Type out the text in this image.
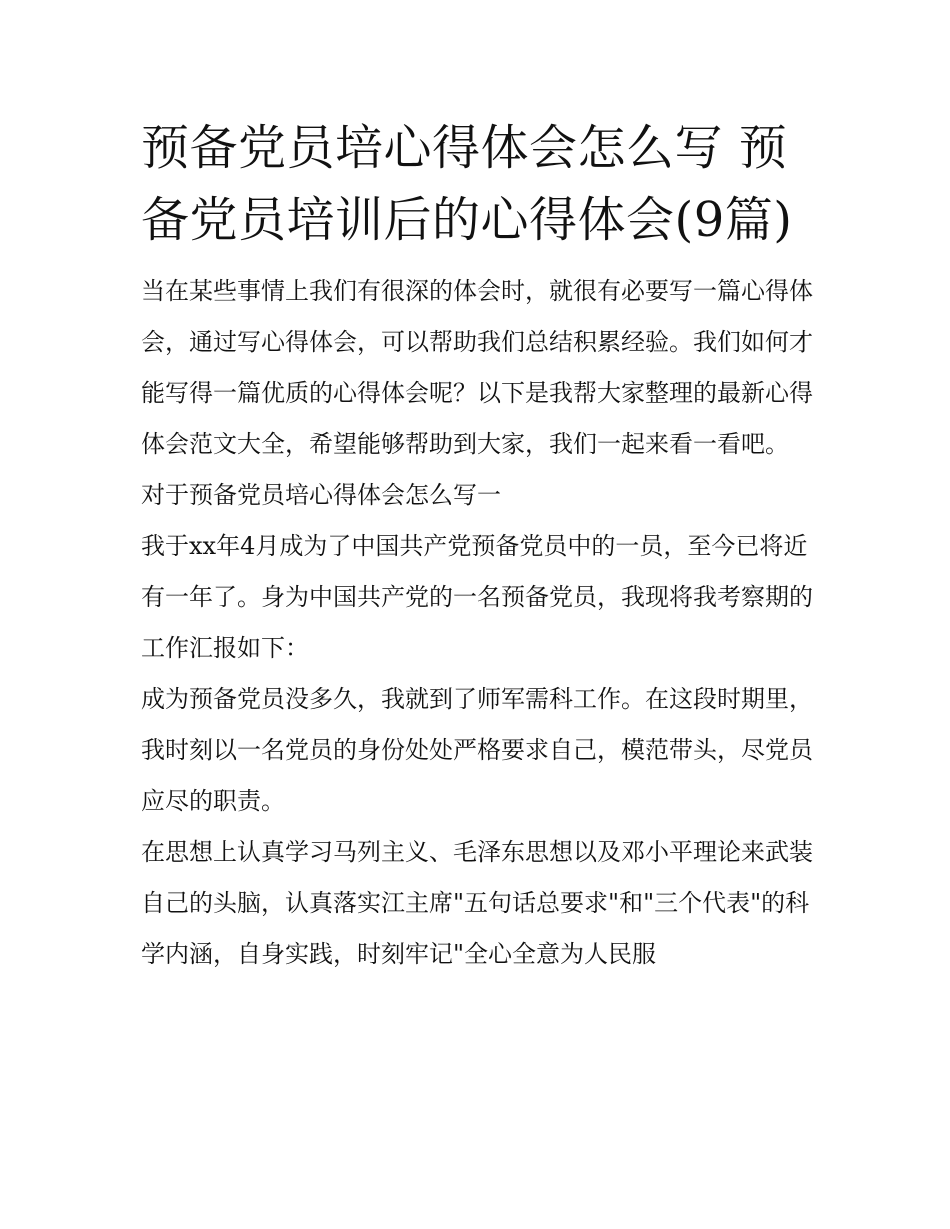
预备党员培心得体会怎么写 预备党员培训后的心得体会(9篇)

当在某些事情上我们有很深的体会时，就很有必要写一篇心得体会，通过写心得体会，可以帮助我们总结积累经验。我们如何才能写得一篇优质的心得体会呢？以下是我帮大家整理的最新心得体会范文大全，希望能够帮助到大家，我们一起来看一看吧。

对于预备党员培心得体会怎么写一

我于xx年4月成为了中国共产党预备党员中的一员，至今已将近有一年了。身为中国共产党的一名预备党员，我现将我考察期的工作汇报如下：

成为预备党员没多久，我就到了师军需科工作。在这段时期里，我时刻以一名党员的身份处处严格要求自己，模范带头，尽党员应尽的职责。

在思想上认真学习马列主义、毛泽东思想以及邓小平理论来武装自己的头脑，认真落实江主席"五句话总要求"和"三个代表"的科学内涵，自身实践，时刻牢记"全心全意为人民服
